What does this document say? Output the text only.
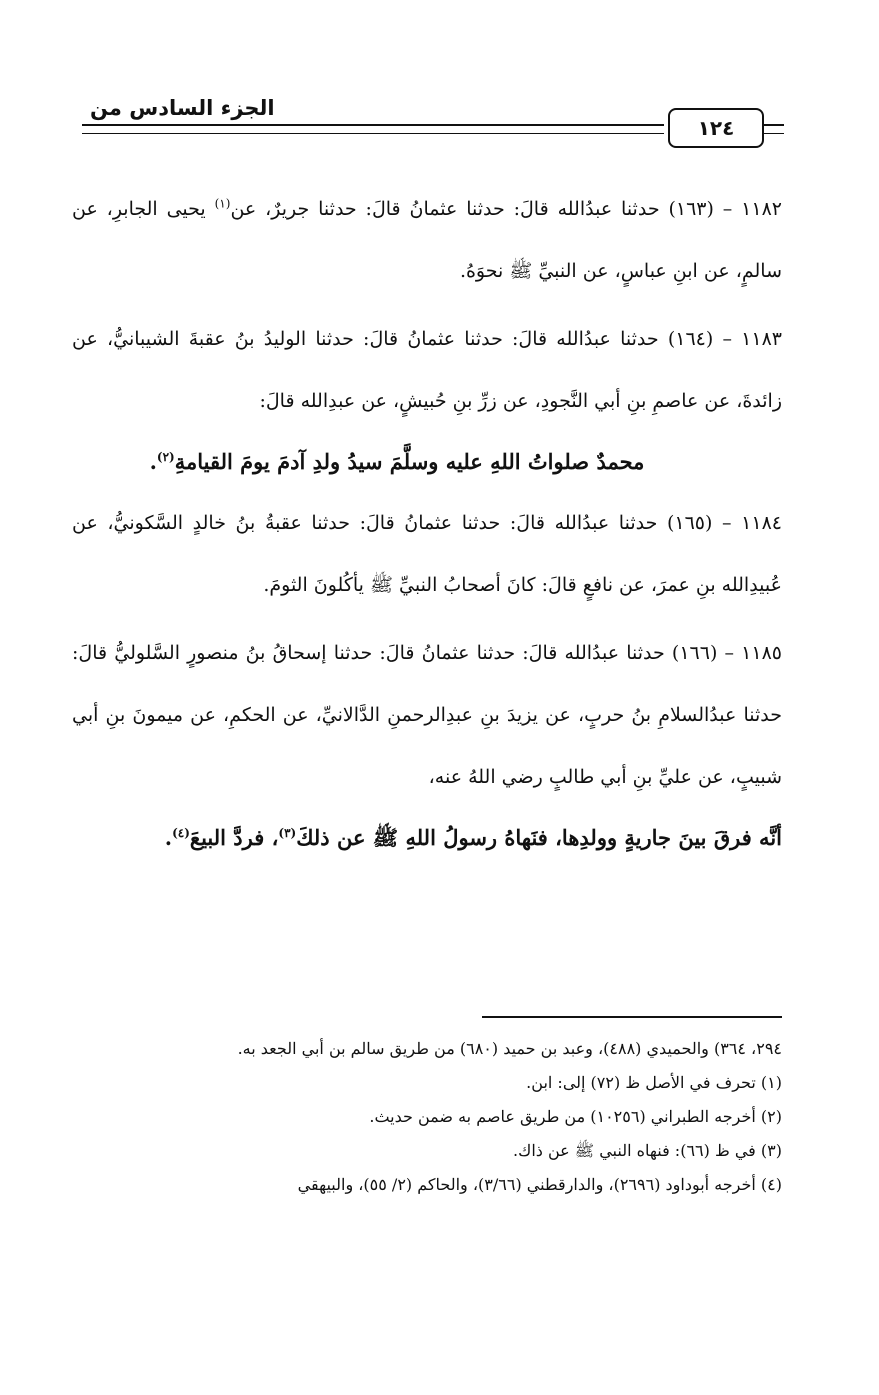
الجزء السادس من
١٢٤

١١٨٢ – (١٦٣) حدثنا عبدُالله قالَ: حدثنا عثمانُ قالَ: حدثنا جريرٌ، عن$^{(١)}$ يحيى الجابرِ، عن سالمٍ، عن ابنِ عباسٍ، عن النبيِّ ﷺ نحوَهُ.

١١٨٣ – (١٦٤) حدثنا عبدُالله قالَ: حدثنا عثمانُ قالَ: حدثنا الوليدُ بنُ عقبةَ الشيبانيُّ، عن زائدةَ، عن عاصمِ بنِ أبي النَّجودِ، عن زرِّ بنِ حُبيشٍ، عن عبدِالله قالَ:

محمدٌ صلواتُ اللهِ عليه وسلَّمَ سيدُ ولدِ آدمَ يومَ القيامةِ$^{(٢)}$.

١١٨٤ – (١٦٥) حدثنا عبدُالله قالَ: حدثنا عثمانُ قالَ: حدثنا عقبةُ بنُ خالدٍ السَّكونيُّ، عن عُبيدِالله بنِ عمرَ، عن نافعٍ قالَ: كانَ أصحابُ النبيِّ ﷺ يأكُلونَ الثومَ.

١١٨٥ – (١٦٦) حدثنا عبدُالله قالَ: حدثنا عثمانُ قالَ: حدثنا إسحاقُ بنُ منصورٍ السَّلوليُّ قالَ: حدثنا عبدُالسلامِ بنُ حربٍ، عن يزيدَ بنِ عبدِالرحمنِ الدَّالانيِّ، عن الحكمِ، عن ميمونَ بنِ أبي شبيبٍ، عن عليِّ بنِ أبي طالبٍ رضي اللهُ عنه،

أنَّه فرقَ بينَ جاريةٍ وولدِها، فنَهاهُ رسولُ اللهِ ﷺ عن ذلكَ$^{(٣)}$، فردَّ البيعَ$^{(٤)}$.

٢٩٤، ٣٦٤) والحميدي (٤٨٨)، وعبد بن حميد (٦٨٠) من طريق سالم بن أبي الجعد به.

(١) تحرف في الأصل ظ (٧٢) إلى: ابن.

(٢) أخرجه الطبراني (١٠٢٥٦) من طريق عاصم به ضمن حديث.

(٣) في ظ (٦٦): فنهاه النبي ﷺ عن ذاك.

(٤) أخرجه أبوداود (٢٦٩٦)، والدارقطني (٣/٦٦)، والحاكم (٢/ ٥٥)، والبيهقي
